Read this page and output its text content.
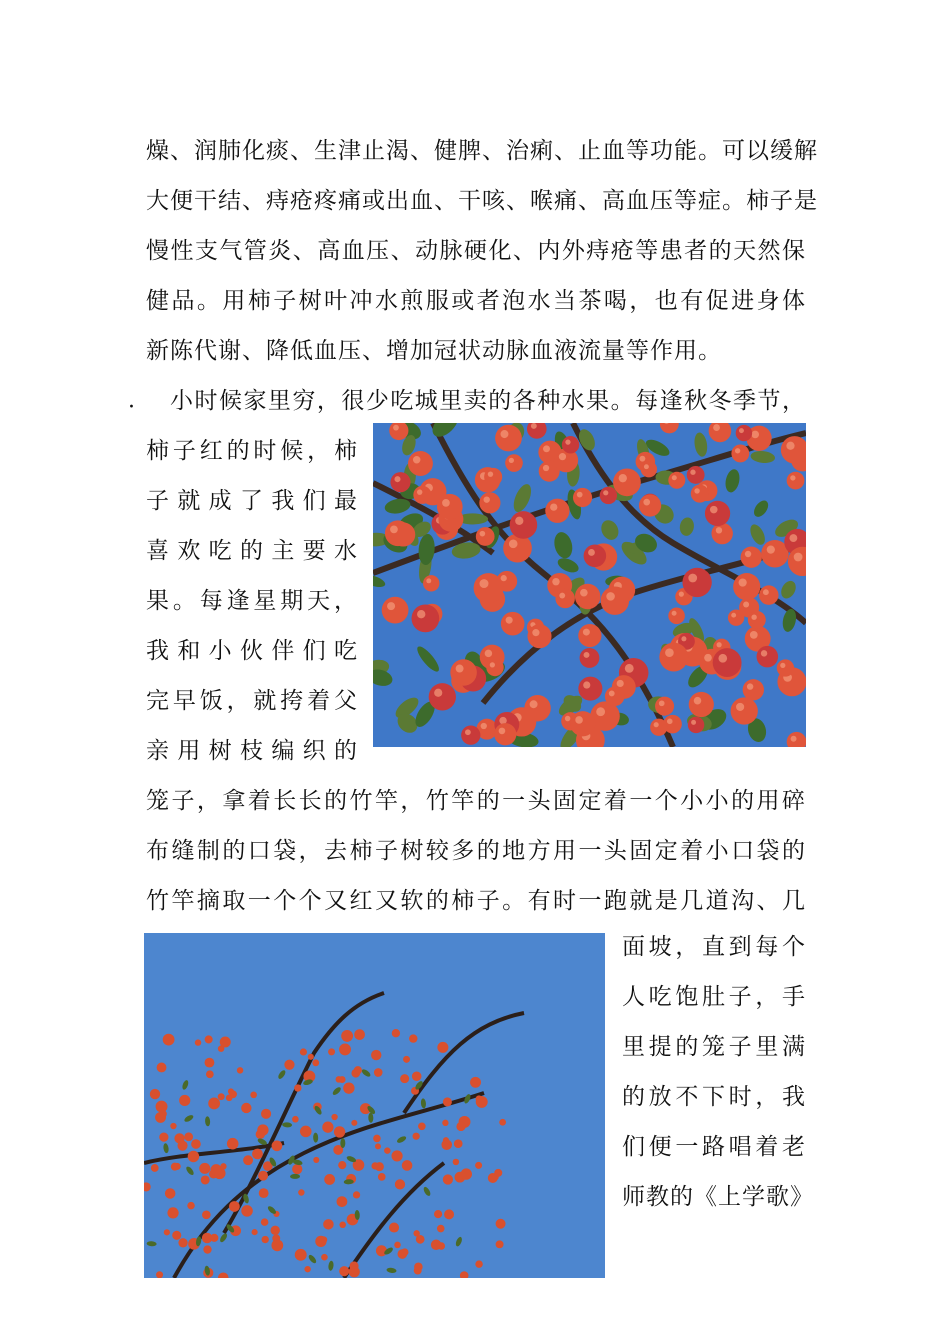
燥、润肺化痰、生津止渴、健脾、治痢、止血等功能。可以缓解
大便干结、痔疮疼痛或出血、干咳、喉痛、高血压等症。柿子是
慢性支气管炎、高血压、动脉硬化、内外痔疮等患者的天然保
健品。用柿子树叶冲水煎服或者泡水当茶喝，也有促进身体
新陈代谢、降低血压、增加冠状动脉血液流量等作用。
· 小时候家里穷，很少吃城里卖的各种水果。每逢秋冬季节，
柿子红的时候，柿
子就成了我们最
喜欢吃的主要水
果。每逢星期天，
我和小伙伴们吃
完早饭，就挎着父
亲用树枝编织的
笼子，拿着长长的竹竿，竹竿的一头固定着一个小小的用碎
布缝制的口袋，去柿子树较多的地方用一头固定着小口袋的
竹竿摘取一个个又红又软的柿子。有时一跑就是几道沟、几
面坡，直到每个
人吃饱肚子，手
里提的笼子里满
的放不下时，我
们便一路唱着老
师教的《上学歌》
